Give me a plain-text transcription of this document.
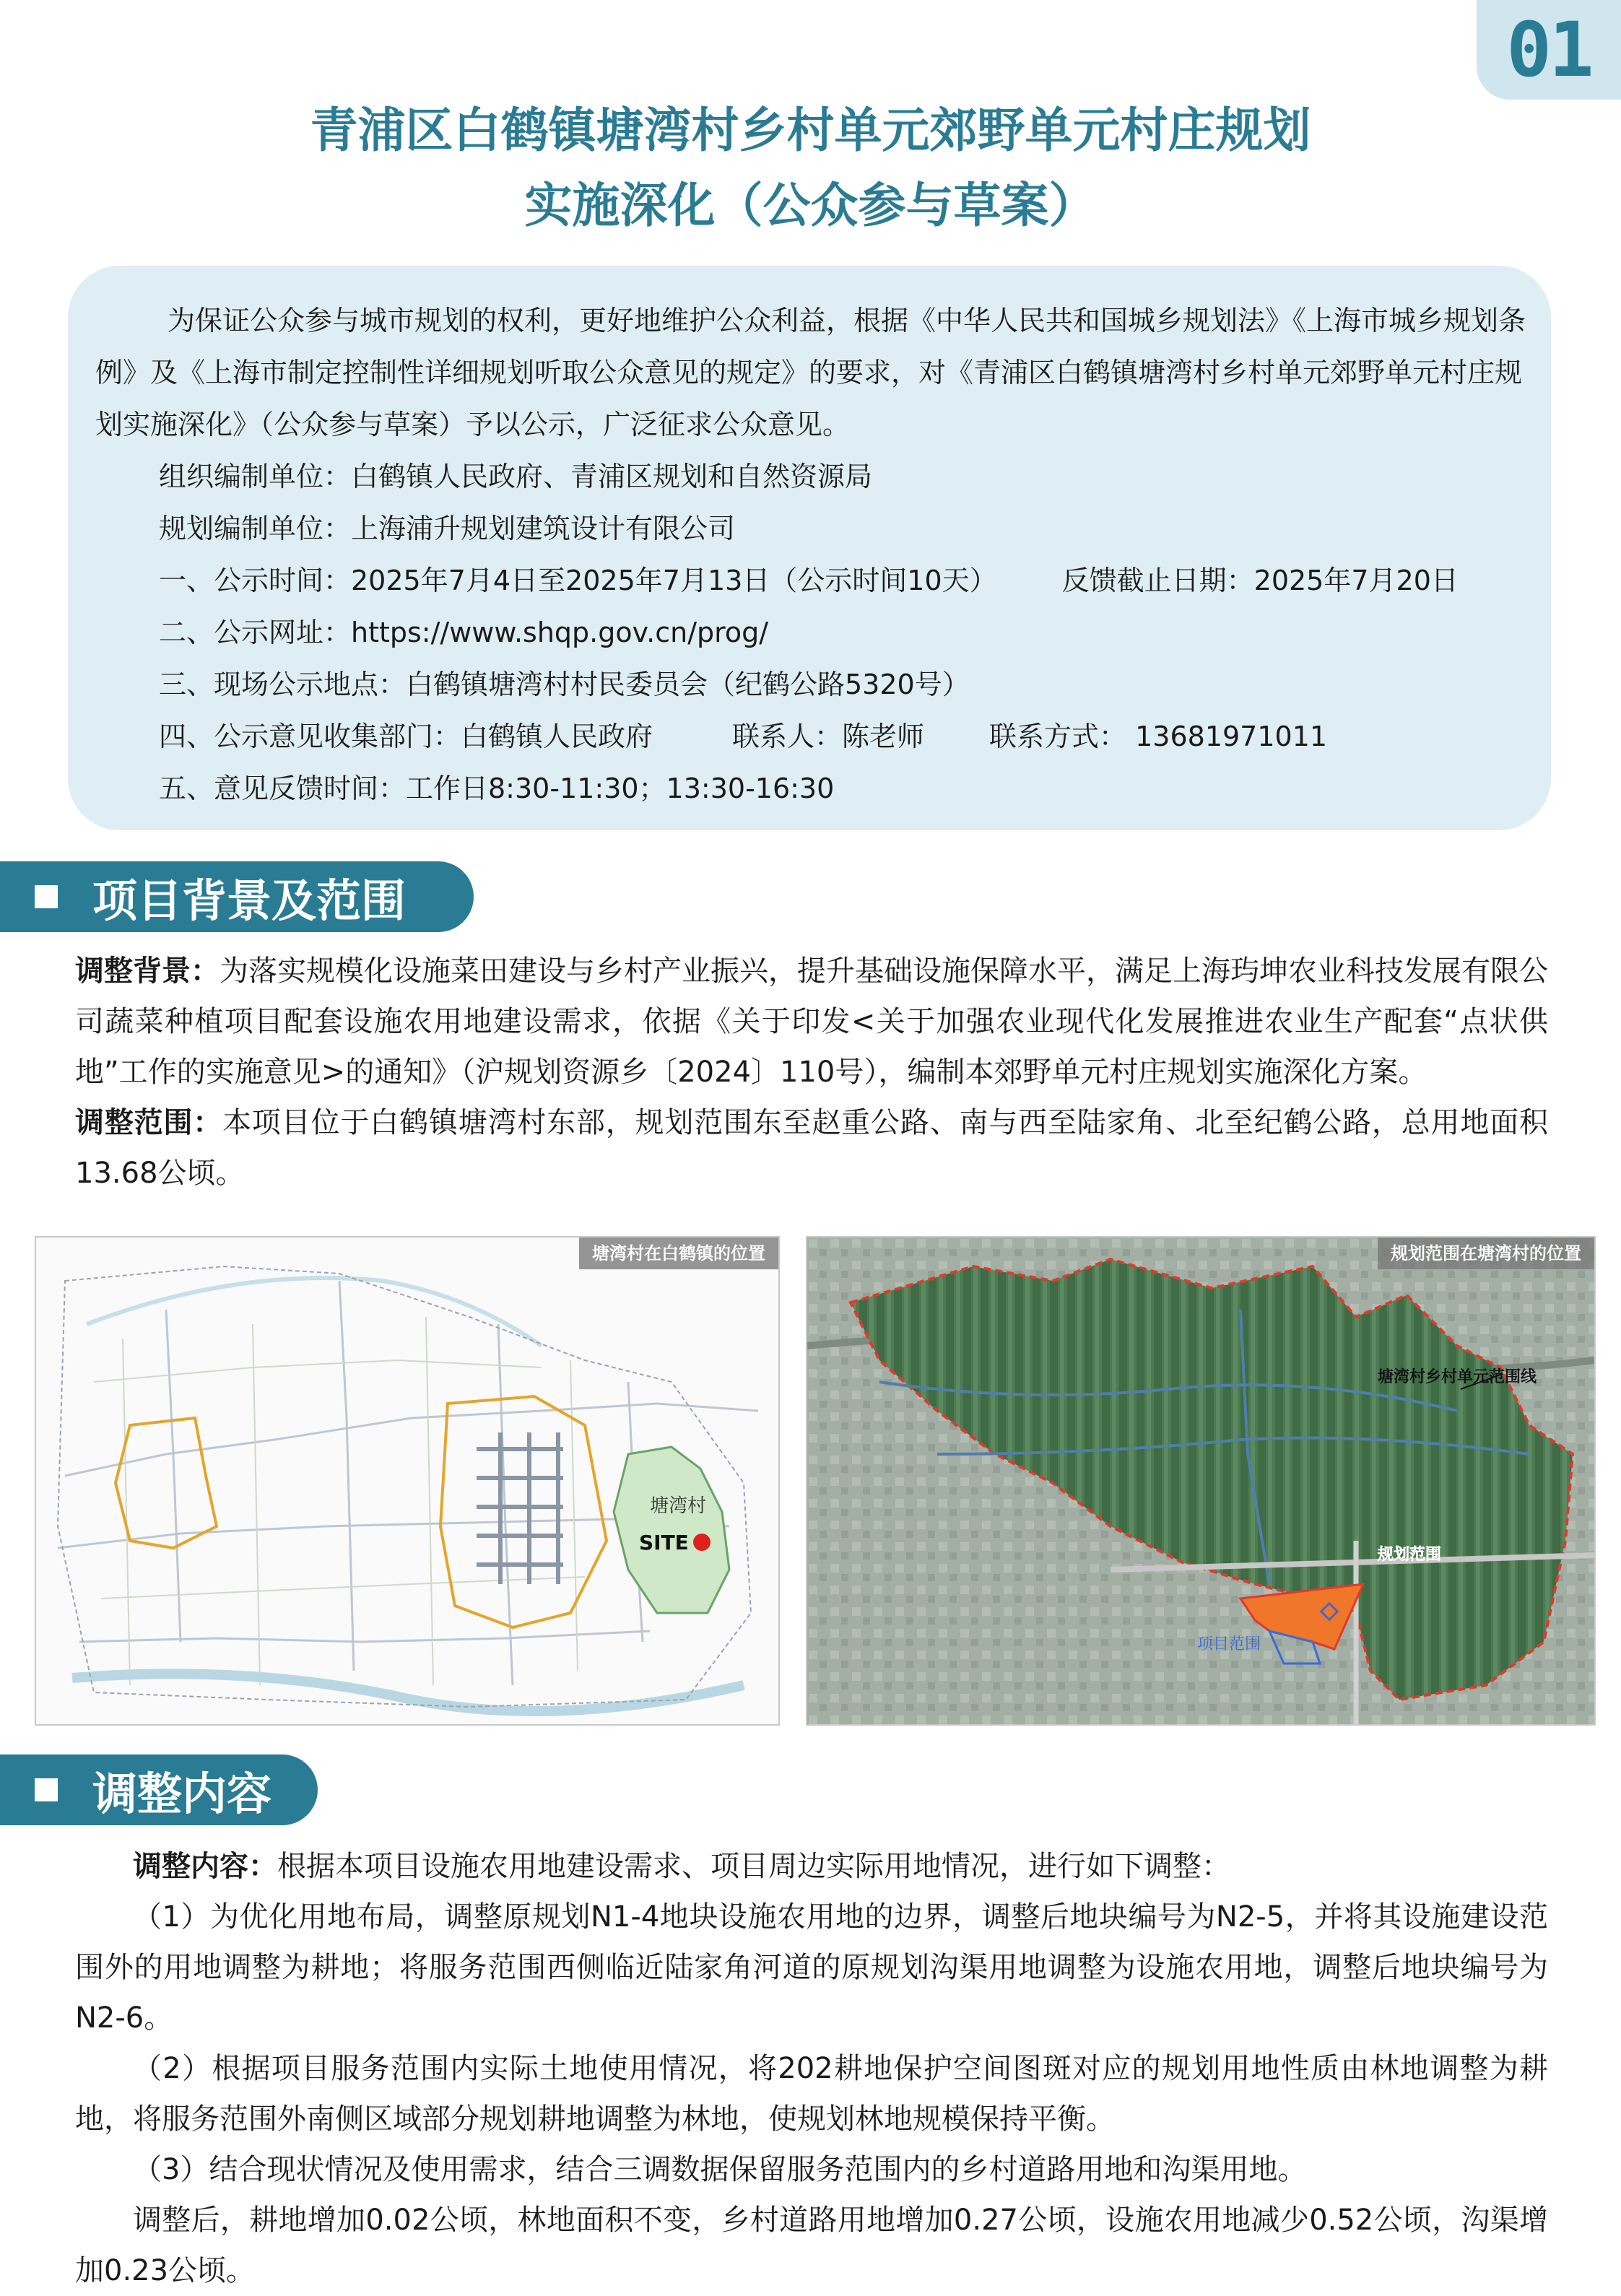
01
青浦区白鹤镇塘湾村乡村单元郊野单元村庄规划
实施深化（公众参与草案）

为保证公众参与城市规划的权利，更好地维护公众利益，根据《中华人民共和国城乡规划法》《上海市城乡规划条例》及《上海市制定控制性详细规划听取公众意见的规定》的要求，对《青浦区白鹤镇塘湾村乡村单元郊野单元村庄规划实施深化》（公众参与草案）予以公示，广泛征求公众意见。

组织编制单位：白鹤镇人民政府、青浦区规划和自然资源局

规划编制单位：上海浦升规划建筑设计有限公司

一、公示时间：2025年7月4日至2025年7月13日（公示时间10天） 反馈截止日期：2025年7月20日

二、公示网址：https://www.shqp.gov.cn/prog/

三、现场公示地点：白鹤镇塘湾村村民委员会（纪鹤公路5320号）

四、公示意见收集部门：白鹤镇人民政府	联系人：陈老师 联系方式： 13681971011

五、意见反馈时间：工作日8:30-11:30；13:30-16:30

项目背景及范围

调整背景：为落实规模化设施菜田建设与乡村产业振兴，提升基础设施保障水平，满足上海玙坤农业科技发展有限公司蔬菜种植项目配套设施农用地建设需求，依据《关于印发<关于加强农业现代化发展推进农业生产配套“点状供地”工作的实施意见>的通知》（沪规划资源乡〔2024〕110号），编制本郊野单元村庄规划实施深化方案。

调整范围：本项目位于白鹤镇塘湾村东部，规划范围东至赵重公路、南与西至陆家角、北至纪鹤公路，总用地面积13.68公顷。

塘湾村
SITE
塘湾村在白鹤镇的位置
塘湾村乡村单元范围线
规划范围
项目范围
规划范围在塘湾村的位置
调整内容

调整内容：根据本项目设施农用地建设需求、项目周边实际用地情况，进行如下调整：

（1）为优化用地布局，调整原规划N1-4地块设施农用地的边界，调整后地块编号为N2-5，并将其设施建设范围外的用地调整为耕地；将服务范围西侧临近陆家角河道的原规划沟渠用地调整为设施农用地，调整后地块编号为N2-6。

（2）根据项目服务范围内实际土地使用情况，将202耕地保护空间图斑对应的规划用地性质由林地调整为耕地，将服务范围外南侧区域部分规划耕地调整为林地，使规划林地规模保持平衡。

（3）结合现状情况及使用需求，结合三调数据保留服务范围内的乡村道路用地和沟渠用地。

调整后，耕地增加0.02公顷，林地面积不变，乡村道路用地增加0.27公顷，设施农用地减少0.52公顷，沟渠增加0.23公顷。
